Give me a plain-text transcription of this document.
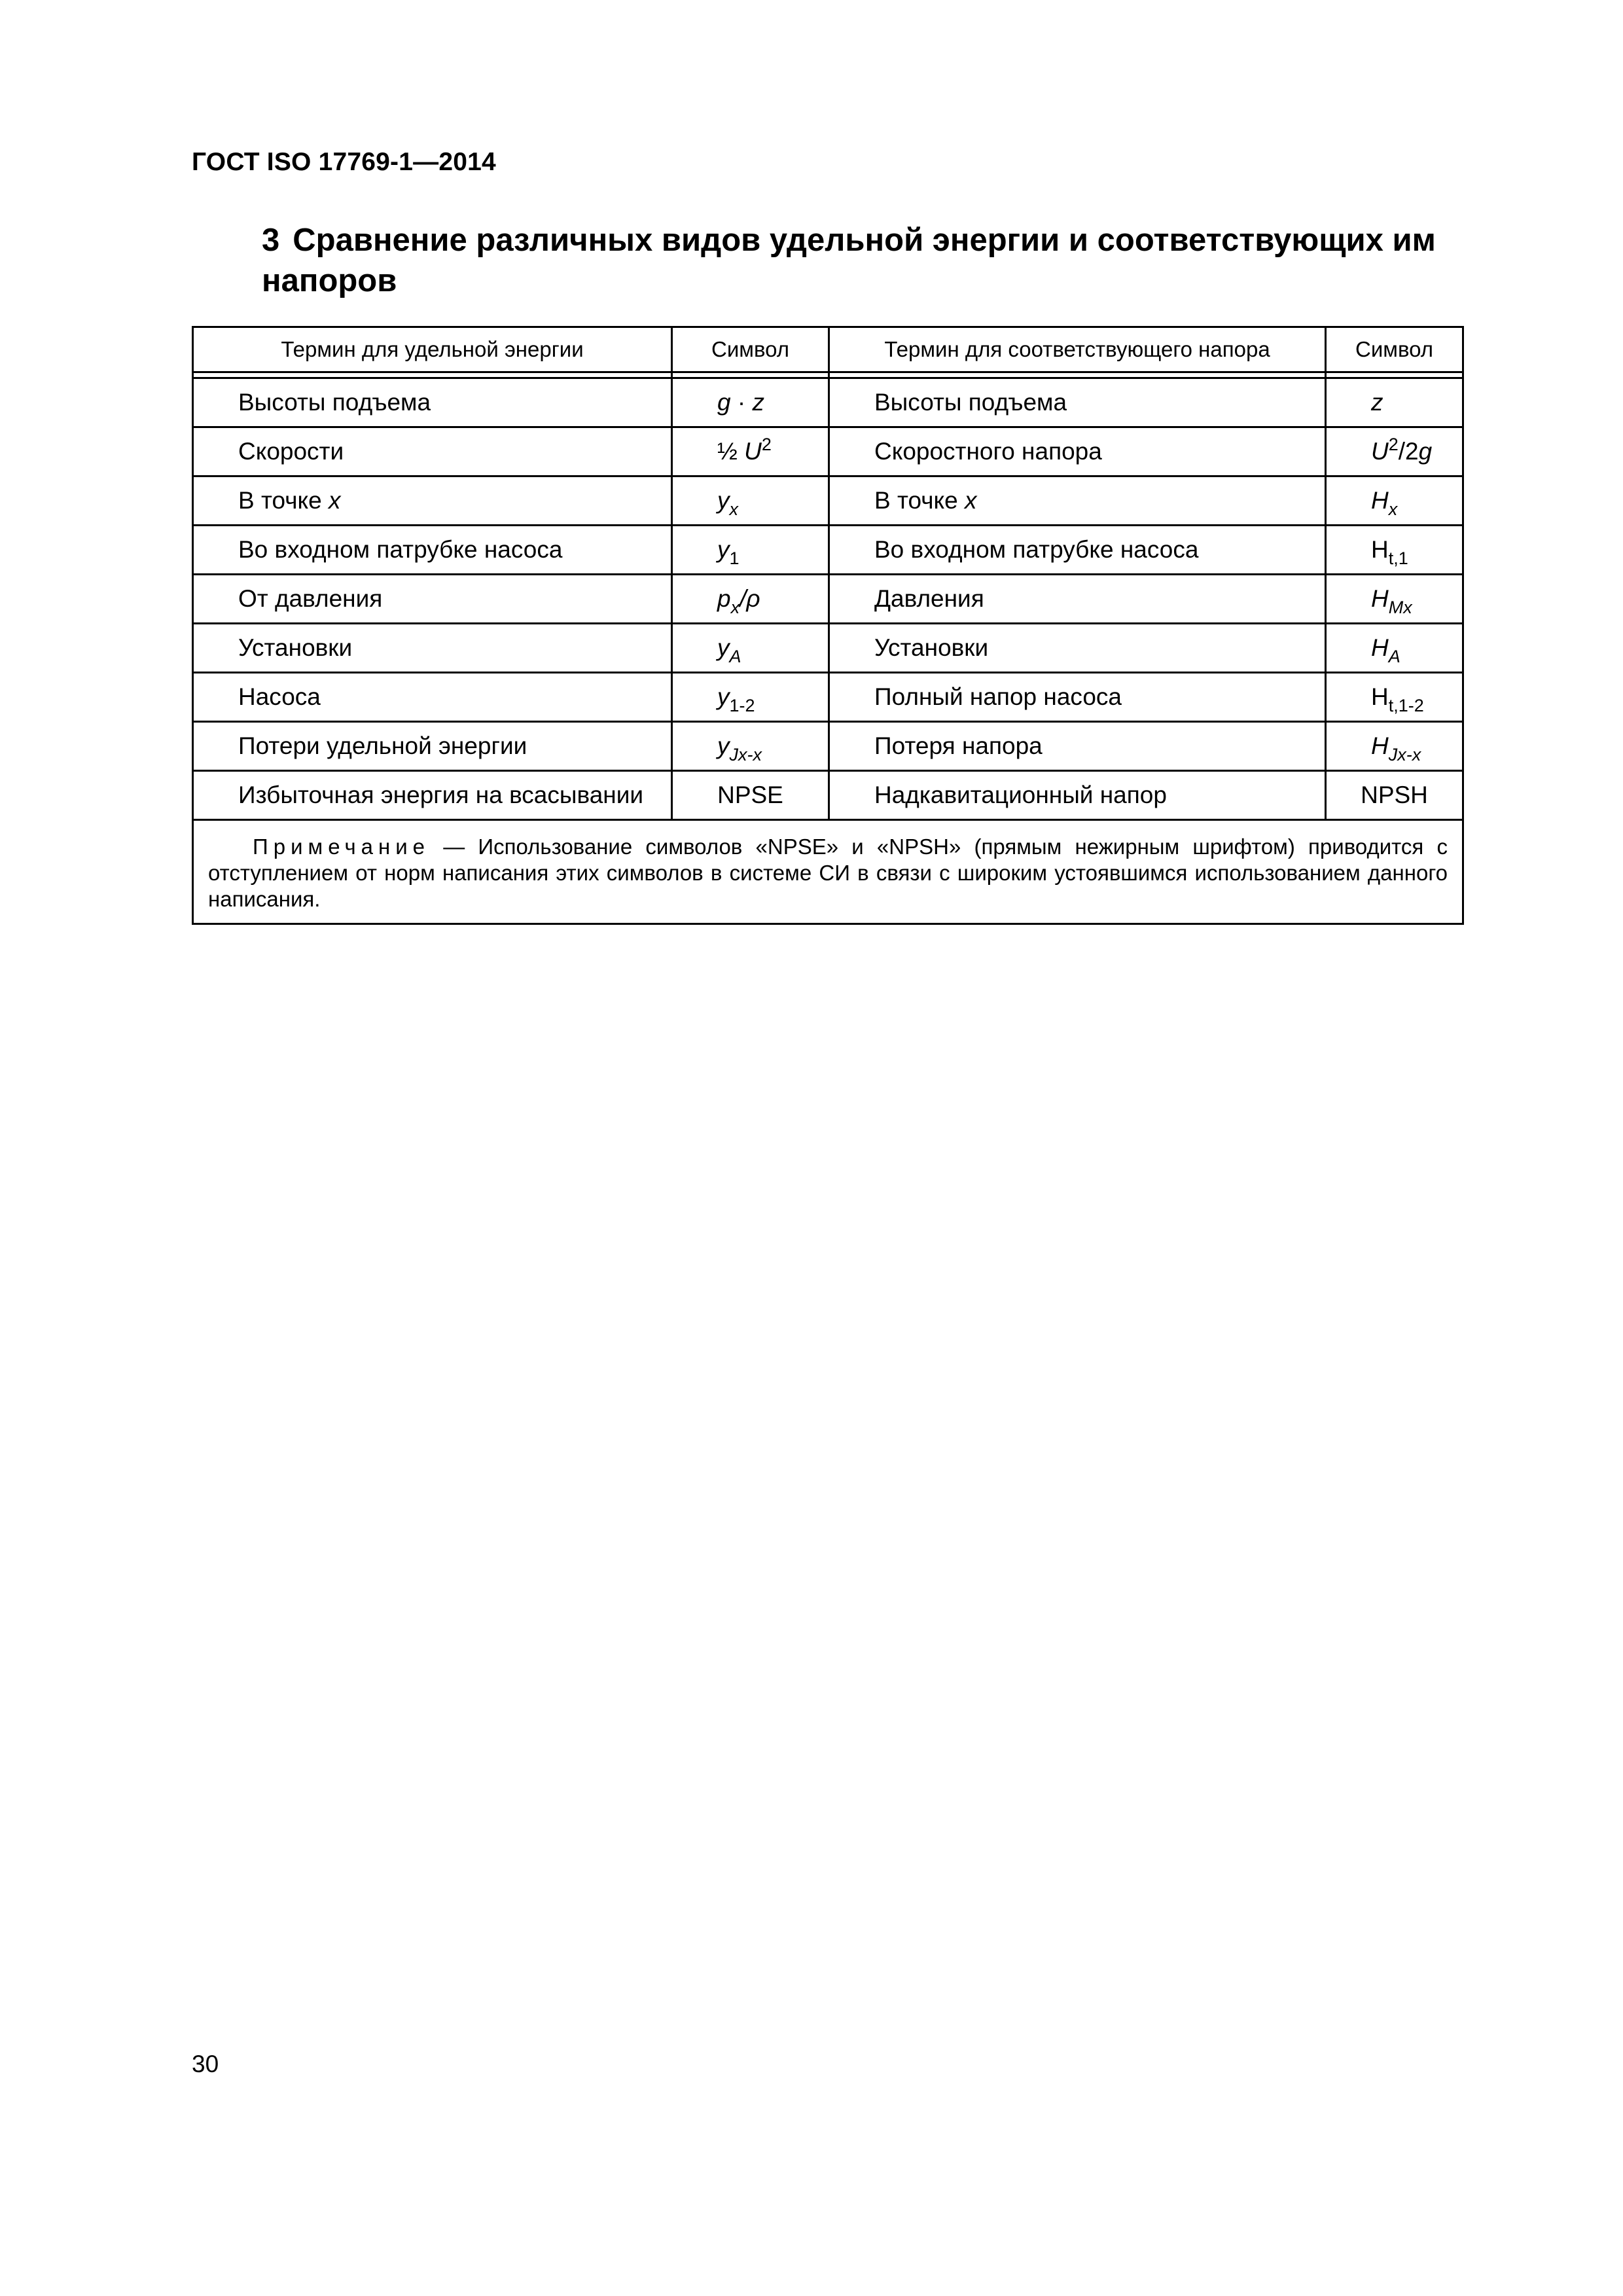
ГОСТ ISO 17769-1—2014
3 Сравнение различных видов удельной энергии и соответствующих им напоров
Термин для удельной энергии	Символ	Термин для соответствующего напора	Символ

Высоты подъема	g · z	Высоты подъема	z
Скорости	½ $U^2$	Скоростного напора	$U^2/2g$
В точке x	$y_x$	В точке x	$H_x$
Во входном патрубке насоса	$y_1$	Во входном патрубке насоса	$H_{t,1}$
От давления	$p_x/\rho$	Давления	$H_{Mx}$
Установки	$y_A$	Установки	$H_A$
Насоса	$y_{1-2}$	Полный напор насоса	$H_{t,1-2}$
Потери удельной энергии	$y_{Jx-x}$	Потеря напора	$H_{Jx-x}$
Избыточная энергия на всасывании	NPSE	Надкавитационный напор	NPSH
Примечание — Использование символов «NPSE» и «NPSH» (прямым нежирным шрифтом) приводится с отступлением от норм написания этих символов в системе СИ в связи с широким устоявшимся использованием данного написания.			
30
